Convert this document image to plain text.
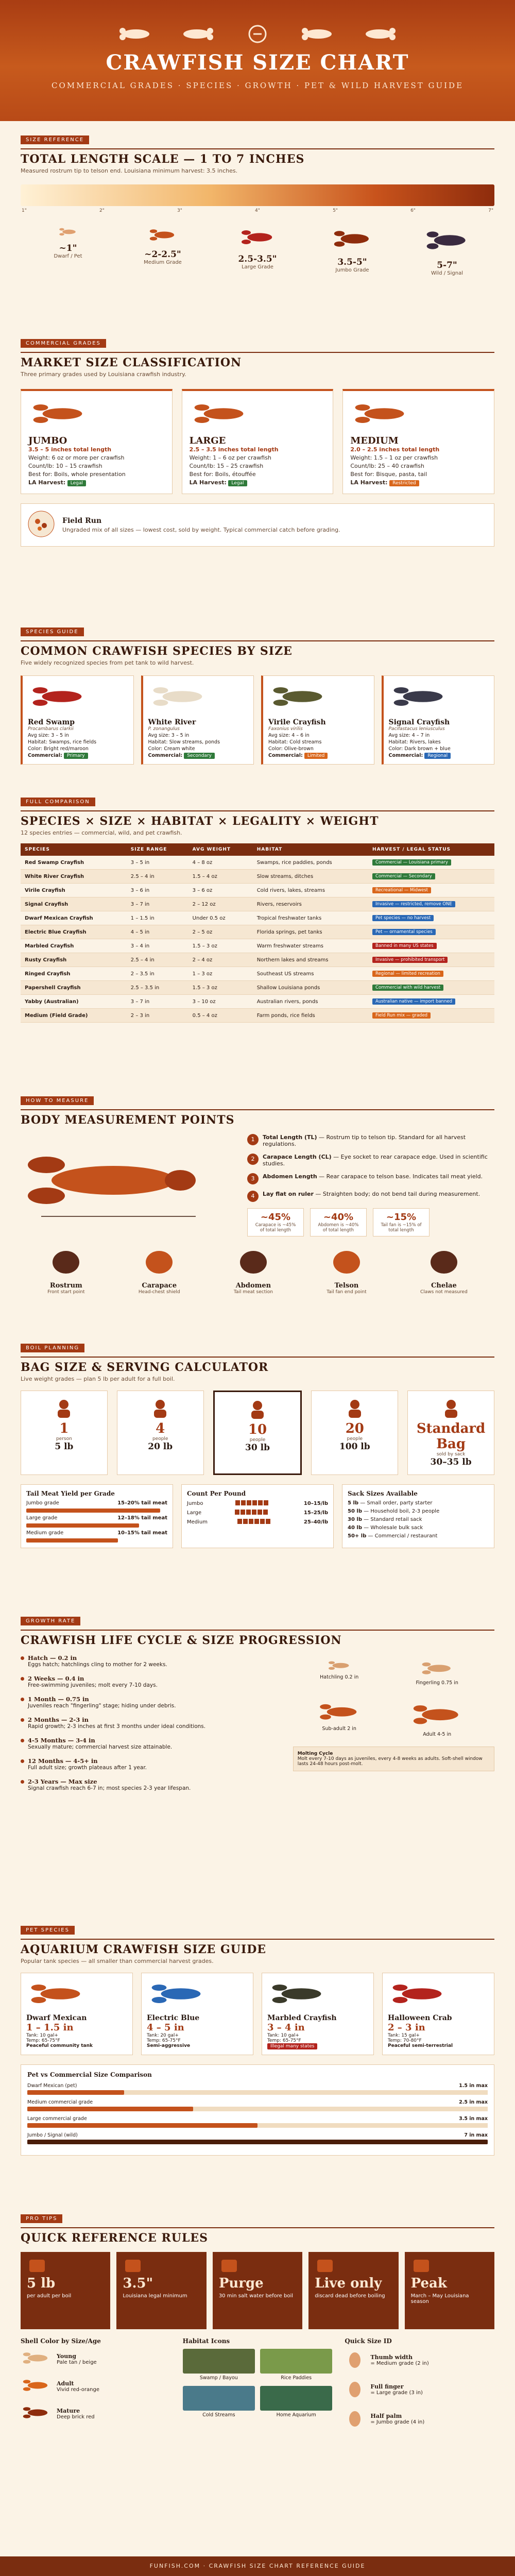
CRAWFISH SIZE CHART
COMMERCIAL GRADES · SPECIES · GROWTH · PET & WILD HARVEST GUIDE
SIZE REFERENCE
TOTAL LENGTH SCALE — 1 TO 7 INCHES
Measured rostrum tip to telson end. Louisiana minimum harvest: 3.5 inches.
1"	2"	3"	4"	5"	6"	7"
~1"
Dwarf / Pet	~2-2.5"
Medium Grade	2.5-3.5"
Large Grade	3.5-5"
Jumbo Grade	5-7"
Wild / Signal
COMMERCIAL GRADES
MARKET SIZE CLASSIFICATION
Three primary grades used by Louisiana crawfish industry.
JUMBO
3.5 – 5 inches total length
Weight: 6 oz or more per crawfish
Count/lb: 10 – 15 crawfish
Best for: Boils, whole presentation
LA Harvest: Legal
LARGE
2.5 – 3.5 inches total length
Weight: 1 – 6 oz per crawfish
Count/lb: 15 – 25 crawfish
Best for: Boils, étouffée
LA Harvest: Legal
MEDIUM
2.0 – 2.5 inches total length
Weight: 1.5 – 1 oz per crawfish
Count/lb: 25 – 40 crawfish
Best for: Bisque, pasta, tail
LA Harvest: Restricted
Field Run
Ungraded mix of all sizes — lowest cost, sold by weight. Typical commercial catch before grading.
SPECIES GUIDE
COMMON CRAWFISH SPECIES BY SIZE
Five widely recognized species from pet tank to wild harvest.
Red Swamp
Procambarus clarkii
Avg size: 3 – 5 in
Habitat: Swamps, rice fields
Color: Bright red/maroon
Commercial: Primary
White River
P. zonangulus
Avg size: 3 – 5 in
Habitat: Slow streams, ponds
Color: Cream white
Commercial: Secondary
Virile Crayfish
Faxonius virilis
Avg size: 4 – 6 in
Habitat: Cold streams
Color: Olive-brown
Commercial: Limited
Signal Crayfish
Pacifastacus leniusculus
Avg size: 4 – 7 in
Habitat: Rivers, lakes
Color: Dark brown + blue
Commercial: Regional
FULL COMPARISON
SPECIES × SIZE × HABITAT × LEGALITY × WEIGHT
12 species entries — commercial, wild, and pet crawfish.
SPECIES	SIZE RANGE	AVG WEIGHT	HABITAT	HARVEST / LEGAL STATUS
Red Swamp Crayfish	3 – 5 in	4 – 8 oz	Swamps, rice paddies, ponds	Commercial — Louisiana primary
White River Crayfish	2.5 – 4 in	1.5 – 4 oz	Slow streams, ditches	Commercial — Secondary
Virile Crayfish	3 – 6 in	3 – 6 oz	Cold rivers, lakes, streams	Recreational — Midwest
Signal Crayfish	3 – 7 in	2 – 12 oz	Rivers, reservoirs	Invasive — restricted, remove ONE
Dwarf Mexican Crayfish	1 – 1.5 in	Under 0.5 oz	Tropical freshwater tanks	Pet species — no harvest
Electric Blue Crayfish	4 – 5 in	2 – 5 oz	Florida springs, pet tanks	Pet — ornamental species
Marbled Crayfish	3 – 4 in	1.5 – 3 oz	Warm freshwater streams	Banned in many US states
Rusty Crayfish	2.5 – 4 in	2 – 4 oz	Northern lakes and streams	Invasive — prohibited transport
Ringed Crayfish	2 – 3.5 in	1 – 3 oz	Southeast US streams	Regional — limited recreation
Papershell Crayfish	2.5 – 3.5 in	1.5 – 3 oz	Shallow Louisiana ponds	Commercial with wild harvest
Yabby (Australian)	3 – 7 in	3 – 10 oz	Australian rivers, ponds	Australian native — import banned
Medium (Field Grade)	2 – 3 in	0.5 – 4 oz	Farm ponds, rice fields	Field Run mix — graded
HOW TO MEASURE
BODY MEASUREMENT POINTS
1	Total Length (TL) — Rostrum tip to telson tip. Standard for all harvest regulations.
2	Carapace Length (CL) — Eye socket to rear carapace edge. Used in scientific studies.
3	Abdomen Length — Rear carapace to telson base. Indicates tail meat yield.
4	Lay flat on ruler — Straighten body; do not bend tail during measurement.
~45%
Carapace is ~45% of total length
~40%
Abdomen is ~40% of total length
~15%
Tail fan is ~15% of total length
Rostrum
Front start point
Carapace
Head-chest shield
Abdomen
Tail meat section
Telson
Tail fan end point
Chelae
Claws not measured
BOIL PLANNING
BAG SIZE & SERVING CALCULATOR
Live weight grades — plan 5 lb per adult for a full boil.
1
person
5 lb
4
people
20 lb
10
people
30 lb
20
people
100 lb
Standard Bag
sold by sack
30–35 lb
Tail Meat Yield per Grade
Jumbo grade	15–20% tail meat
Large grade	12–18% tail meat
Medium grade	10–15% tail meat
Count Per Pound
Jumbo	10–15/lb
Large	15–25/lb
Medium	25–40/lb
Sack Sizes Available
5 lb — Small order, party starter
50 lb — Household boil, 2-3 people
30 lb — Standard retail sack
40 lb — Wholesale bulk sack
50+ lb — Commercial / restaurant
GROWTH RATE
CRAWFISH LIFE CYCLE & SIZE PROGRESSION
Hatch — 0.2 in
Eggs hatch; hatchlings cling to mother for 2 weeks.
2 Weeks — 0.4 in
Free-swimming juveniles; molt every 7-10 days.
1 Month — 0.75 in
Juveniles reach "fingerling" stage; hiding under debris.
2 Months — 2-3 in
Rapid growth; 2-3 inches at first 3 months under ideal conditions.
4-5 Months — 3-4 in
Sexually mature; commercial harvest size attainable.
12 Months — 4-5+ in
Full adult size; growth plateaus after 1 year.
2-3 Years — Max size
Signal crawfish reach 6-7 in; most species 2-3 year lifespan.
Hatchling 0.2 in
Fingerling 0.75 in
Sub-adult 2 in
Adult 4-5 in
Molting Cycle
Molt every 7-10 days as juveniles, every 4-8 weeks as adults. Soft-shell window lasts 24-48 hours post-molt.
PET SPECIES
AQUARIUM CRAWFISH SIZE GUIDE
Popular tank species — all smaller than commercial harvest grades.
Dwarf Mexican
1 – 1.5 in
Tank: 10 gal+
Temp: 65-75°F
Peaceful community tank
Electric Blue
4 – 5 in
Tank: 20 gal+
Temp: 65-75°F
Semi-aggressive
Marbled Crayfish
3 – 4 in
Tank: 10 gal+
Temp: 65-75°F
Illegal many states
Halloween Crab
2 – 3 in
Tank: 15 gal+
Temp: 70-80°F
Peaceful semi-terrestrial
Pet vs Commercial Size Comparison
Dwarf Mexican (pet)	1.5 in max
Medium commercial grade	2.5 in max
Large commercial grade	3.5 in max
Jumbo / Signal (wild)	7 in max
PRO TIPS
QUICK REFERENCE RULES
5 lb
per adult per boil
3.5"
Louisiana legal minimum
Purge
30 min salt water before boil
Live only
discard dead before boiling
Peak
March – May Louisiana season
Shell Color by Size/Age
Young
Pale tan / beige
Adult
Vivid red-orange
Mature
Deep brick red
Habitat Icons
Swamp / Bayou	Rice Paddies
Cold Streams	Home Aquarium
Quick Size ID
Thumb width
= Medium grade (2 in)
Full finger
= Large grade (3 in)
Half palm
= Jumbo grade (4 in)
FUNFISH.COM · CRAWFISH SIZE CHART REFERENCE GUIDE
